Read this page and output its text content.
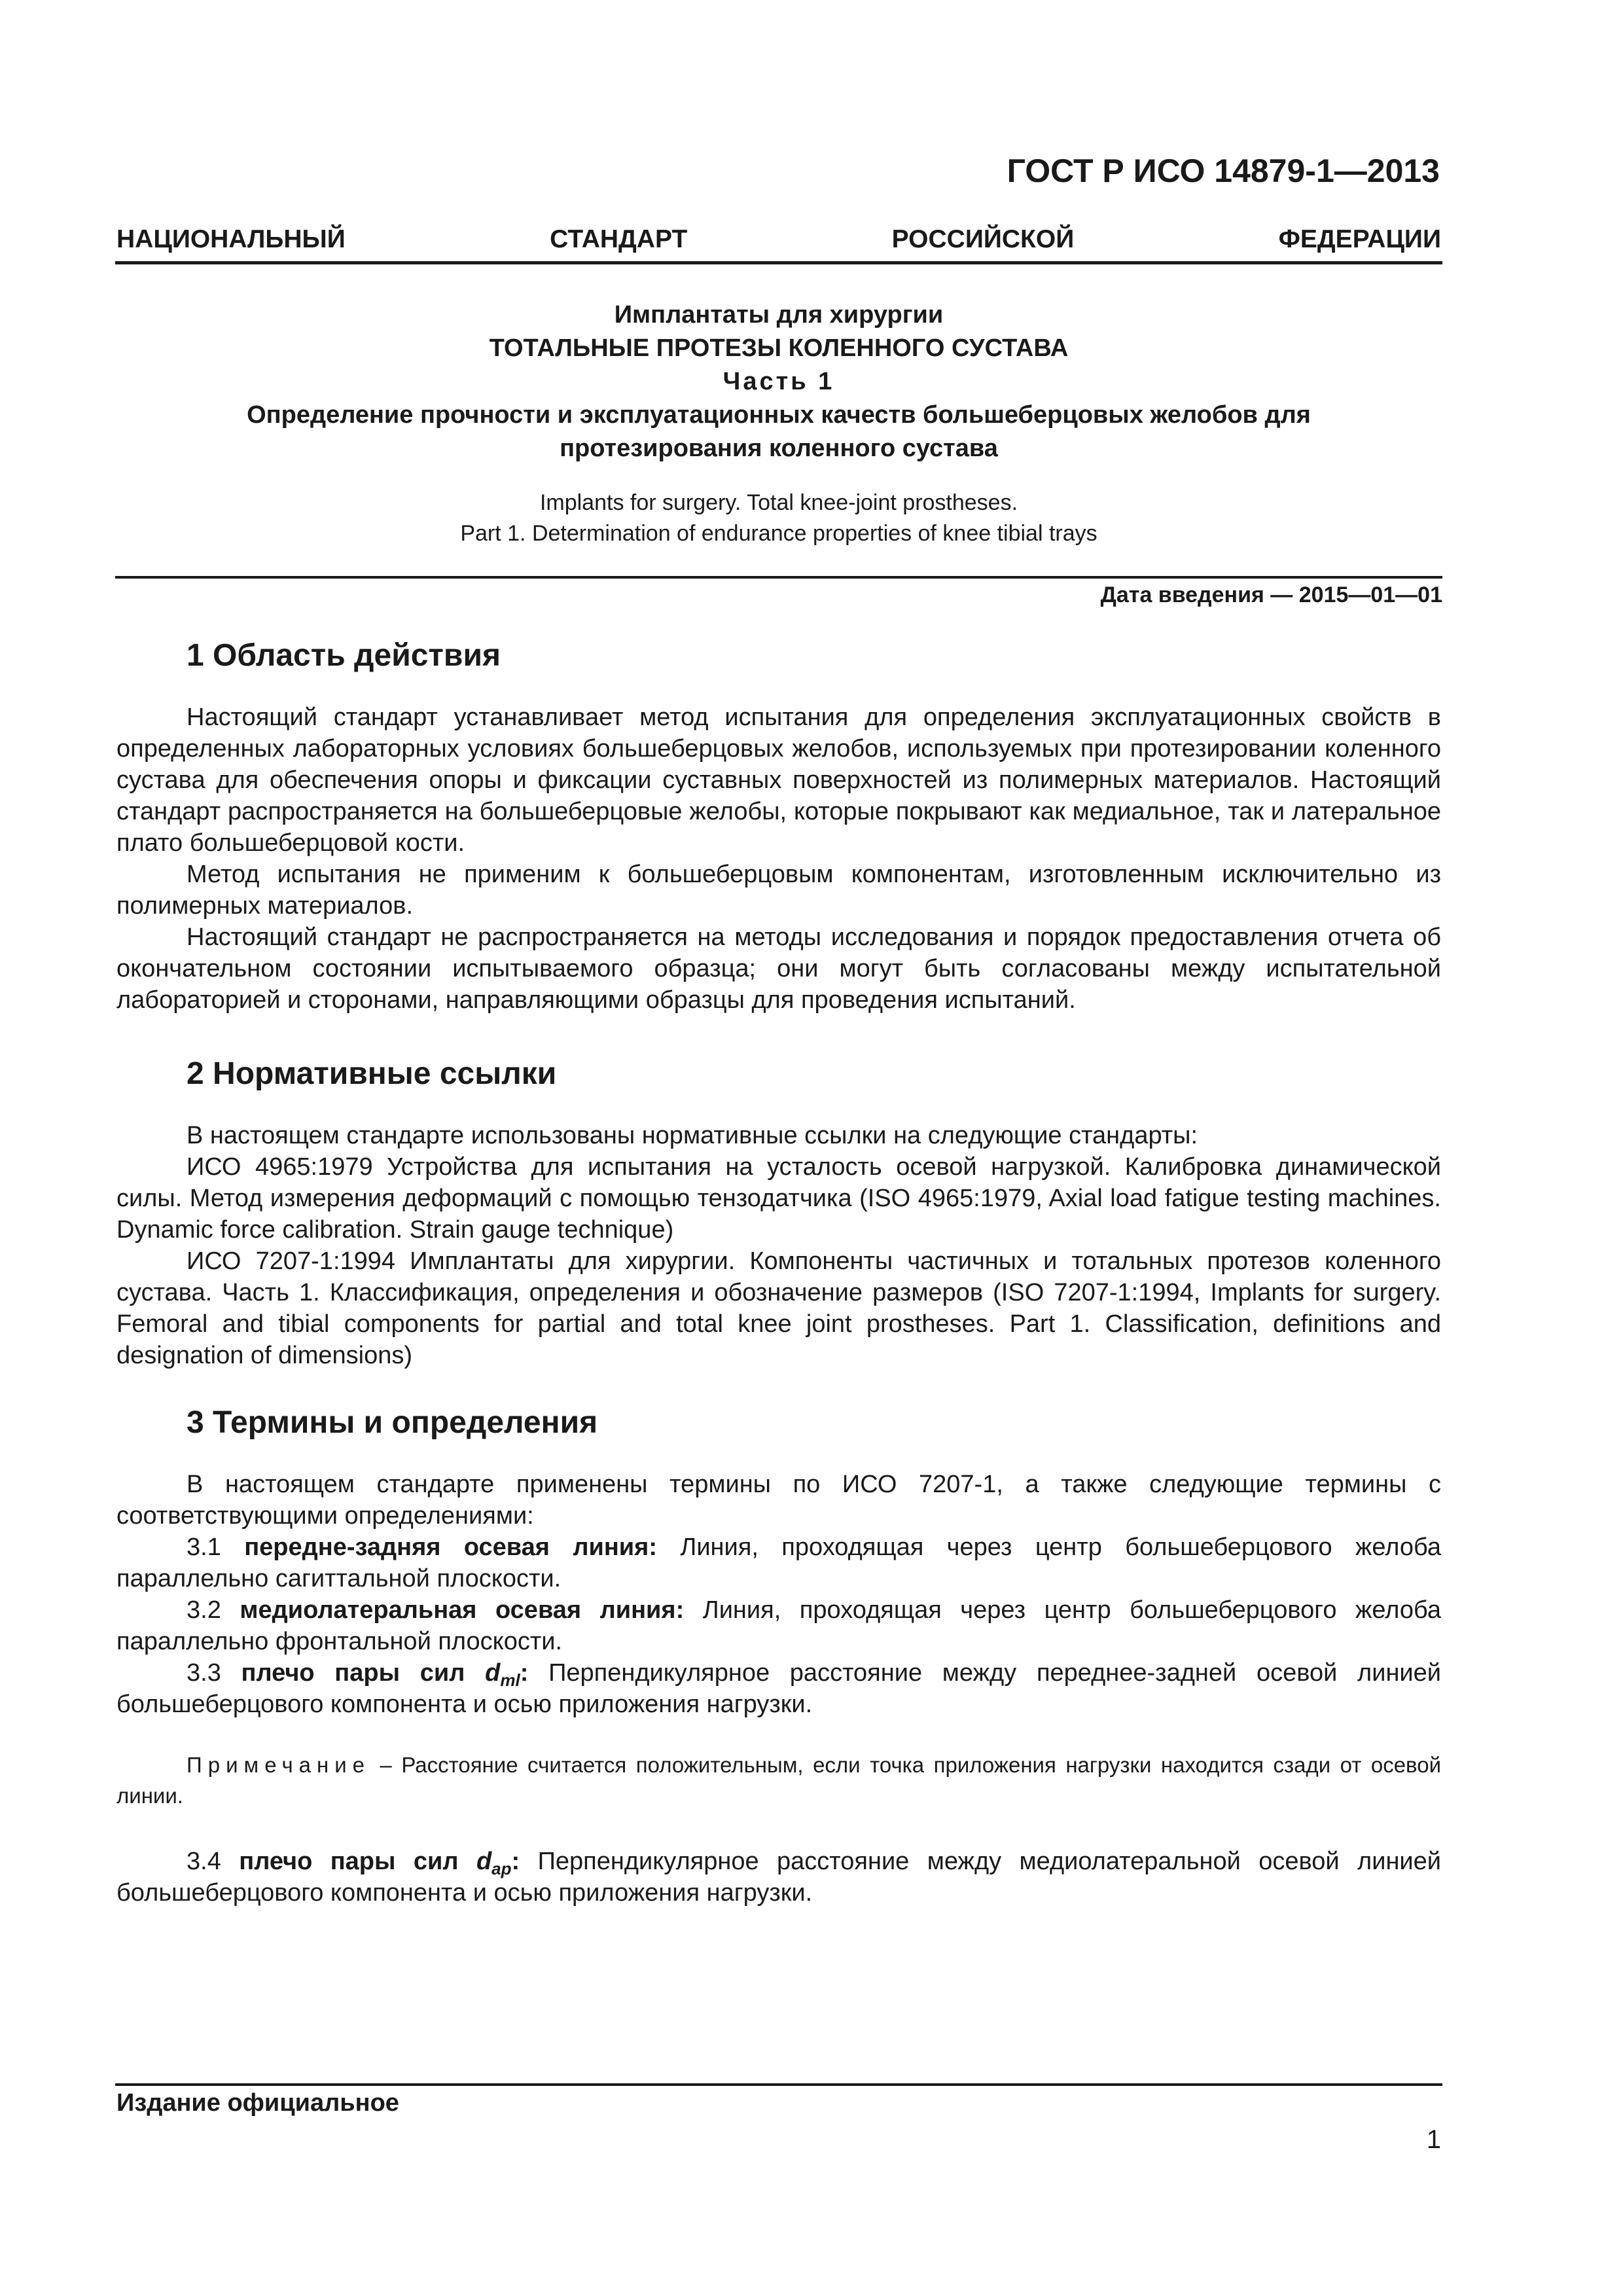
ГОСТ Р ИСО 14879-1—2013
НАЦИОНАЛЬНЫЙ СТАНДАРТ РОССИЙСКОЙ ФЕДЕРАЦИИ
Имплантаты для хирургии
ТОТАЛЬНЫЕ ПРОТЕЗЫ КОЛЕННОГО СУСТАВА
Часть 1
Определение прочности и эксплуатационных качеств большеберцовых желобов для
протезирования коленного сустава
Implants for surgery. Total knee-joint prostheses.
Part 1. Determination of endurance properties of knee tibial trays
Дата введения — 2015—01—01
1 Область действия

Настоящий стандарт устанавливает метод испытания для определения эксплуатационных свойств в определенных лабораторных условиях большеберцовых желобов, используемых при протезировании коленного сустава для обеспечения опоры и фиксации суставных поверхностей из полимерных материалов. Настоящий стандарт распространяется на большеберцовые желобы, которые покрывают как медиальное, так и латеральное плато большеберцовой кости.

Метод испытания не применим к большеберцовым компонентам, изготовленным исключительно из полимерных материалов.

Настоящий стандарт не распространяется на методы исследования и порядок предоставления отчета об окончательном состоянии испытываемого образца; они могут быть согласованы между испытательной лабораторией и сторонами, направляющими образцы для проведения испытаний.

2 Нормативные ссылки

В настоящем стандарте использованы нормативные ссылки на следующие стандарты:

ИСО 4965:1979 Устройства для испытания на усталость осевой нагрузкой. Калибровка динамической силы. Метод измерения деформаций с помощью тензодатчика (ISO 4965:1979, Axial load fatigue testing machines. Dynamic force calibration. Strain gauge technique)

ИСО 7207-1:1994 Имплантаты для хирургии. Компоненты частичных и тотальных протезов коленного сустава. Часть 1. Классификация, определения и обозначение размеров (ISO 7207-1:1994, Implants for surgery. Femoral and tibial components for partial and total knee joint prostheses. Part 1. Classification, definitions and designation of dimensions)

3 Термины и определения

В настоящем стандарте применены термины по ИСО 7207-1, а также следующие термины с соответствующими определениями:

3.1 передне-задняя осевая линия: Линия, проходящая через центр большеберцового желоба параллельно сагиттальной плоскости.

3.2 медиолатеральная осевая линия: Линия, проходящая через центр большеберцового желоба параллельно фронтальной плоскости.

3.3 плечо пары сил $d_{ml}$: Перпендикулярное расстояние между переднее-задней осевой линией большеберцового компонента и осью приложения нагрузки.

Примечание – Расстояние считается положительным, если точка приложения нагрузки находится сзади от осевой линии.

3.4 плечо пары сил $d_{ap}$: Перпендикулярное расстояние между медиолатеральной осевой линией большеберцового компонента и осью приложения нагрузки.

Издание официальное
1
